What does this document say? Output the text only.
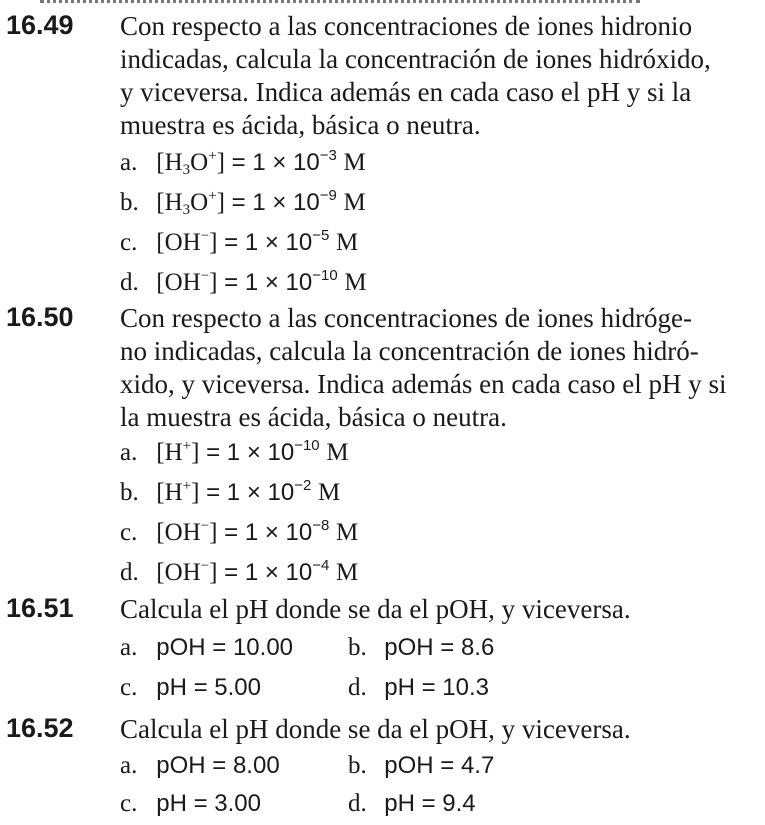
16.49 Con respecto a las concentraciones de iones hidronio
indicadas, calcula la concentración de iones hidróxido,
y viceversa. Indica además en cada caso el pH y si la
muestra es ácida, básica o neutra.
a. $[H_3O^+] = 1 \times 10^{-3}$ M
b. $[H_3O^+] = 1 \times 10^{-9}$ M
c. $[OH^-] = 1 \times 10^{-5}$ M
d. $[OH^-] = 1 \times 10^{-10}$ M
16.50 Con respecto a las concentraciones de iones hidróge-
no indicadas, calcula la concentración de iones hidró-
xido, y viceversa. Indica además en cada caso el pH y si
la muestra es ácida, básica o neutra.
a. $[H^+] = 1 \times 10^{-10}$ M
b. $[H^+] = 1 \times 10^{-2}$ M
c. $[OH^-] = 1 \times 10^{-8}$ M
d. $[OH^-] = 1 \times 10^{-4}$ M
16.51 Calcula el pH donde se da el pOH, y viceversa.
a. pOH = 10.00 b. pOH = 8.6
c. pH = 5.00	d. pH = 10.3
16.52 Calcula el pH donde se da el pOH, y viceversa.
a. pOH = 8.00	b. pOH = 4.7
c. pH = 3.00	d. pH = 9.4
